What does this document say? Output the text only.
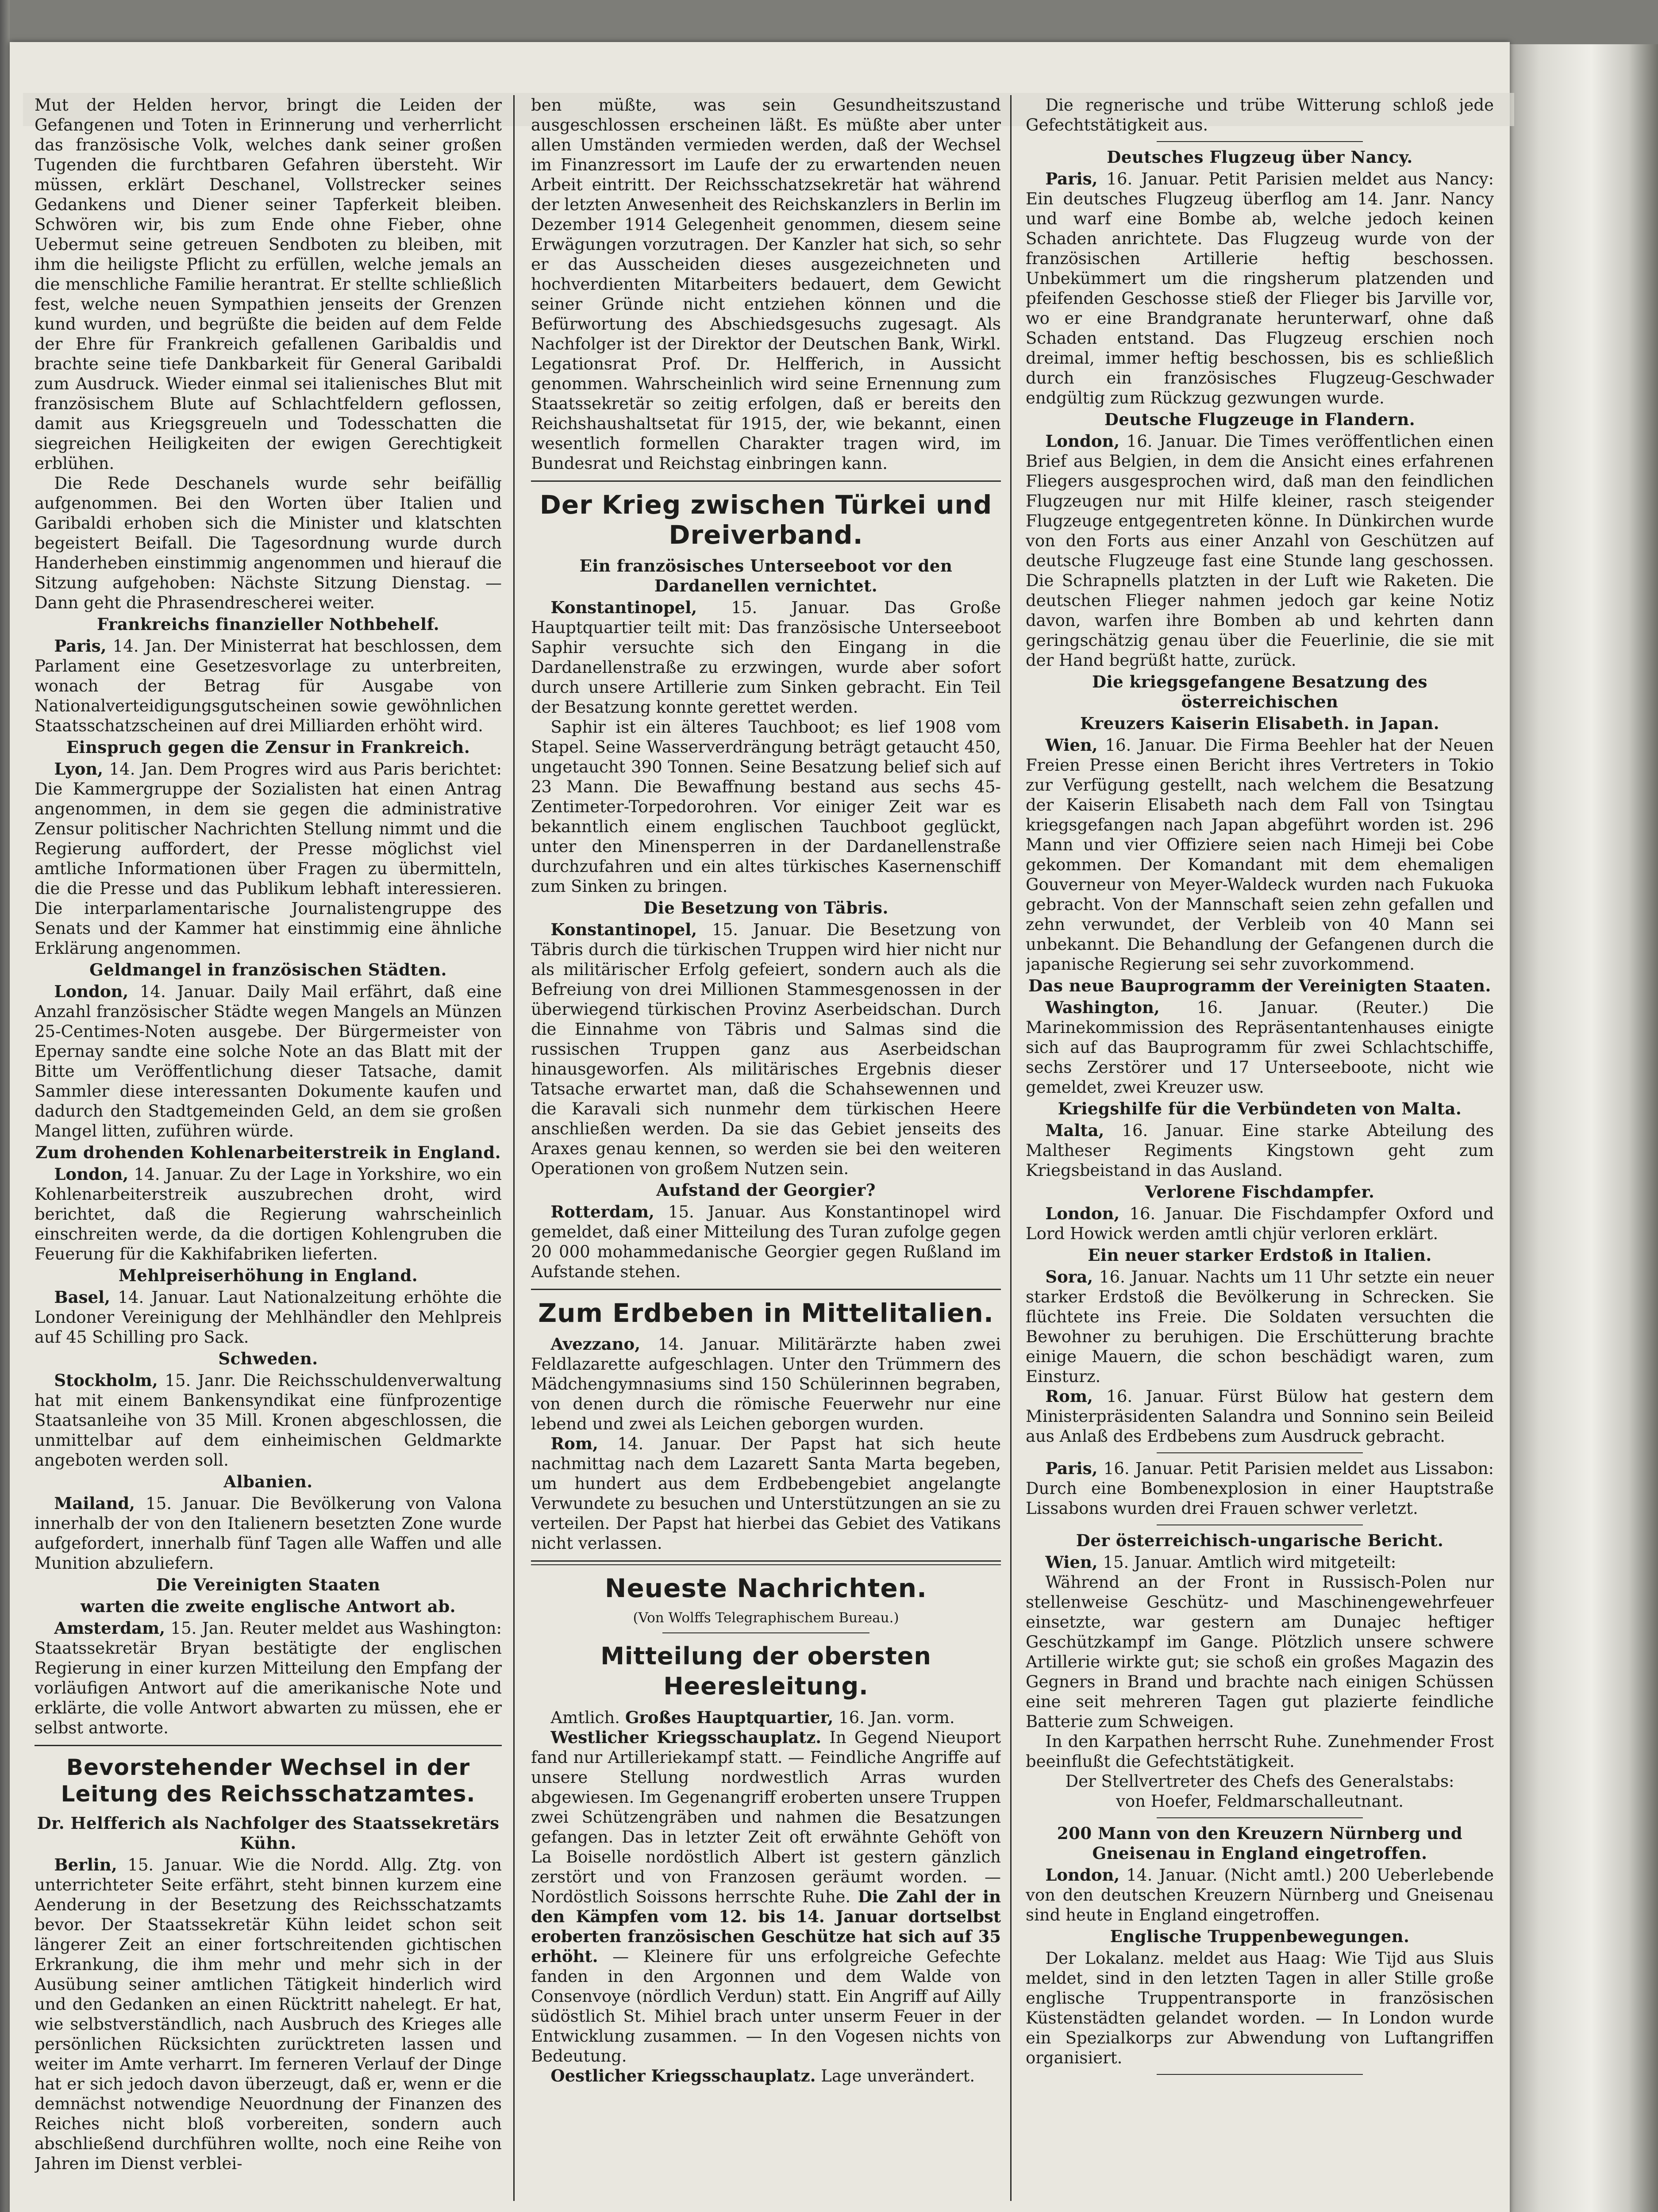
Mut der Helden hervor, bringt die Leiden der Gefangenen und Toten in Erinnerung und verherrlicht das französische Volk, welches dank seiner großen Tugenden die furchtbaren Gefahren übersteht. Wir müssen, erklärt Deschanel, Vollstrecker seines Gedankens und Diener seiner Tapferkeit bleiben. Schwören wir, bis zum Ende ohne Fieber, ohne Uebermut seine getreuen Sendboten zu bleiben, mit ihm die heiligste Pflicht zu erfüllen, welche jemals an die menschliche Familie herantrat. Er stellte schließlich fest, welche neuen Sympathien jenseits der Grenzen kund wurden, und begrüßte die beiden auf dem Felde der Ehre für Frankreich gefallenen Garibaldis und brachte seine tiefe Dankbarkeit für General Garibaldi zum Ausdruck. Wieder einmal sei italienisches Blut mit französischem Blute auf Schlachtfeldern geflossen, damit aus Kriegsgreueln und Todesschatten die siegreichen Heiligkeiten der ewigen Gerechtigkeit erblühen.

Die Rede Deschanels wurde sehr beifällig aufgenommen. Bei den Worten über Italien und Garibaldi erhoben sich die Minister und klatschten begeistert Beifall. Die Tagesordnung wurde durch Handerheben einstimmig angenommen und hierauf die Sitzung aufgehoben: Nächste Sitzung Dienstag. — Dann geht die Phrasendrescherei weiter.

Frankreichs finanzieller Nothbehelf.

Paris, 14. Jan. Der Ministerrat hat beschlossen, dem Parlament eine Gesetzesvorlage zu unterbreiten, wonach der Betrag für Ausgabe von Nationalverteidigungsgutscheinen sowie gewöhnlichen Staatsschatzscheinen auf drei Milliarden erhöht wird.

Einspruch gegen die Zensur in Frankreich.

Lyon, 14. Jan. Dem Progres wird aus Paris berichtet: Die Kammergruppe der Sozialisten hat einen Antrag angenommen, in dem sie gegen die administrative Zensur politischer Nachrichten Stellung nimmt und die Regierung auffordert, der Presse möglichst viel amtliche Informationen über Fragen zu übermitteln, die die Presse und das Publikum lebhaft interessieren. Die interparlamentarische Journalistengruppe des Senats und der Kammer hat einstimmig eine ähnliche Erklärung angenommen.

Geldmangel in französischen Städten.

London, 14. Januar. Daily Mail erfährt, daß eine Anzahl französischer Städte wegen Mangels an Münzen 25-Centimes-Noten ausgebe. Der Bürgermeister von Epernay sandte eine solche Note an das Blatt mit der Bitte um Veröffentlichung dieser Tatsache, damit Sammler diese interessanten Dokumente kaufen und dadurch den Stadtgemeinden Geld, an dem sie großen Mangel litten, zuführen würde.

Zum drohenden Kohlenarbeiterstreik in England.

London, 14. Januar. Zu der Lage in Yorkshire, wo ein Kohlenarbeiterstreik auszubrechen droht, wird berichtet, daß die Regierung wahrscheinlich einschreiten werde, da die dortigen Kohlengruben die Feuerung für die Kakhifabriken lieferten.

Mehlpreiserhöhung in England.

Basel, 14. Januar. Laut Nationalzeitung erhöhte die Londoner Vereinigung der Mehlhändler den Mehlpreis auf 45 Schilling pro Sack.

Schweden.

Stockholm, 15. Janr. Die Reichsschuldenverwaltung hat mit einem Bankensyndikat eine fünfprozentige Staatsanleihe von 35 Mill. Kronen abgeschlossen, die unmittelbar auf dem einheimischen Geldmarkte angeboten werden soll.

Albanien.

Mailand, 15. Januar. Die Bevölkerung von Valona innerhalb der von den Italienern besetzten Zone wurde aufgefordert, innerhalb fünf Tagen alle Waffen und alle Munition abzuliefern.

Die Vereinigten Staaten

warten die zweite englische Antwort ab.

Amsterdam, 15. Jan. Reuter meldet aus Washington: Staatssekretär Bryan bestätigte der englischen Regierung in einer kurzen Mitteilung den Empfang der vorläufigen Antwort auf die amerikanische Note und erklärte, die volle Antwort abwarten zu müssen, ehe er selbst antworte.

Bevorstehender Wechsel in der Leitung des Reichsschatzamtes.

Dr. Helfferich als Nachfolger des Staatssekretärs Kühn.

Berlin, 15. Januar. Wie die Nordd. Allg. Ztg. von unterrichteter Seite erfährt, steht binnen kurzem eine Aenderung in der Besetzung des Reichsschatzamts bevor. Der Staatssekretär Kühn leidet schon seit längerer Zeit an einer fortschreitenden gichtischen Erkrankung, die ihm mehr und mehr sich in der Ausübung seiner amtlichen Tätigkeit hinderlich wird und den Gedanken an einen Rücktritt nahelegt. Er hat, wie selbstverständlich, nach Ausbruch des Krieges alle persönlichen Rücksichten zurücktreten lassen und weiter im Amte verharrt. Im ferneren Verlauf der Dinge hat er sich jedoch davon überzeugt, daß er, wenn er die demnächst notwendige Neuordnung der Finanzen des Reiches nicht bloß vorbereiten, sondern auch abschließend durchführen wollte, noch eine Reihe von Jahren im Dienst verblei-

ben müßte, was sein Gesundheitszustand ausgeschlossen erscheinen läßt. Es müßte aber unter allen Umständen vermieden werden, daß der Wechsel im Finanzressort im Laufe der zu erwartenden neuen Arbeit eintritt. Der Reichsschatzsekretär hat während der letzten Anwesenheit des Reichskanzlers in Berlin im Dezember 1914 Gelegenheit genommen, diesem seine Erwägungen vorzutragen. Der Kanzler hat sich, so sehr er das Ausscheiden dieses ausgezeichneten und hochverdienten Mitarbeiters bedauert, dem Gewicht seiner Gründe nicht entziehen können und die Befürwortung des Abschiedsgesuchs zugesagt. Als Nachfolger ist der Direktor der Deutschen Bank, Wirkl. Legationsrat Prof. Dr. Helfferich, in Aussicht genommen. Wahrscheinlich wird seine Ernennung zum Staatssekretär so zeitig erfolgen, daß er bereits den Reichshaushaltsetat für 1915, der, wie bekannt, einen wesentlich formellen Charakter tragen wird, im Bundesrat und Reichstag einbringen kann.

Der Krieg zwischen Türkei und Dreiverband.

Ein französisches Unterseeboot vor den Dardanellen vernichtet.

Konstantinopel, 15. Januar. Das Große Hauptquartier teilt mit: Das französische Unterseeboot Saphir versuchte sich den Eingang in die Dardanellenstraße zu erzwingen, wurde aber sofort durch unsere Artillerie zum Sinken gebracht. Ein Teil der Besatzung konnte gerettet werden.

Saphir ist ein älteres Tauchboot; es lief 1908 vom Stapel. Seine Wasserverdrängung beträgt getaucht 450, ungetaucht 390 Tonnen. Seine Besatzung belief sich auf 23 Mann. Die Bewaffnung bestand aus sechs 45-Zentimeter-Torpedorohren. Vor einiger Zeit war es bekanntlich einem englischen Tauchboot geglückt, unter den Minensperren in der Dardanellenstraße durchzufahren und ein altes türkisches Kasernenschiff zum Sinken zu bringen.

Die Besetzung von Täbris.

Konstantinopel, 15. Januar. Die Besetzung von Täbris durch die türkischen Truppen wird hier nicht nur als militärischer Erfolg gefeiert, sondern auch als die Befreiung von drei Millionen Stammesgenossen in der überwiegend türkischen Provinz Aserbeidschan. Durch die Einnahme von Täbris und Salmas sind die russischen Truppen ganz aus Aserbeidschan hinausgeworfen. Als militärisches Ergebnis dieser Tatsache erwartet man, daß die Schahsewennen und die Karavali sich nunmehr dem türkischen Heere anschließen werden. Da sie das Gebiet jenseits des Araxes genau kennen, so werden sie bei den weiteren Operationen von großem Nutzen sein.

Aufstand der Georgier?

Rotterdam, 15. Januar. Aus Konstantinopel wird gemeldet, daß einer Mitteilung des Turan zufolge gegen 20 000 mohammedanische Georgier gegen Rußland im Aufstande stehen.

Zum Erdbeben in Mittelitalien.

Avezzano, 14. Januar. Militärärzte haben zwei Feldlazarette aufgeschlagen. Unter den Trümmern des Mädchengymnasiums sind 150 Schülerinnen begraben, von denen durch die römische Feuerwehr nur eine lebend und zwei als Leichen geborgen wurden.

Rom, 14. Januar. Der Papst hat sich heute nachmittag nach dem Lazarett Santa Marta begeben, um hundert aus dem Erdbebengebiet angelangte Verwundete zu besuchen und Unterstützungen an sie zu verteilen. Der Papst hat hierbei das Gebiet des Vatikans nicht verlassen.

Neueste Nachrichten.

(Von Wolffs Telegraphischem Bureau.)

Mitteilung der obersten Heeresleitung.

Amtlich. Großes Hauptquartier, 16. Jan. vorm.

Westlicher Kriegsschauplatz. In Gegend Nieuport fand nur Artilleriekampf statt. — Feindliche Angriffe auf unsere Stellung nordwestlich Arras wurden abgewiesen. Im Gegenangriff eroberten unsere Truppen zwei Schützengräben und nahmen die Besatzungen gefangen. Das in letzter Zeit oft erwähnte Gehöft von La Boiselle nordöstlich Albert ist gestern gänzlich zerstört und von Franzosen geräumt worden. — Nordöstlich Soissons herrschte Ruhe. Die Zahl der in den Kämpfen vom 12. bis 14. Januar dortselbst eroberten französischen Geschütze hat sich auf 35 erhöht. — Kleinere für uns erfolgreiche Gefechte fanden in den Argonnen und dem Walde von Consenvoye (nördlich Verdun) statt. Ein Angriff auf Ailly südöstlich St. Mihiel brach unter unserm Feuer in der Entwicklung zusammen. — In den Vogesen nichts von Bedeutung.

Oestlicher Kriegsschauplatz. Lage unverändert.

Die regnerische und trübe Witterung schloß jede Gefechtstätigkeit aus.

Deutsches Flugzeug über Nancy.

Paris, 16. Januar. Petit Parisien meldet aus Nancy: Ein deutsches Flugzeug überflog am 14. Janr. Nancy und warf eine Bombe ab, welche jedoch keinen Schaden anrichtete. Das Flugzeug wurde von der französischen Artillerie heftig beschossen. Unbekümmert um die ringsherum platzenden und pfeifenden Geschosse stieß der Flieger bis Jarville vor, wo er eine Brandgranate herunterwarf, ohne daß Schaden entstand. Das Flugzeug erschien noch dreimal, immer heftig beschossen, bis es schließlich durch ein französisches Flugzeug-Geschwader endgültig zum Rückzug gezwungen wurde.

Deutsche Flugzeuge in Flandern.

London, 16. Januar. Die Times veröffentlichen einen Brief aus Belgien, in dem die Ansicht eines erfahrenen Fliegers ausgesprochen wird, daß man den feindlichen Flugzeugen nur mit Hilfe kleiner, rasch steigender Flugzeuge entgegentreten könne. In Dünkirchen wurde von den Forts aus einer Anzahl von Geschützen auf deutsche Flugzeuge fast eine Stunde lang geschossen. Die Schrapnells platzten in der Luft wie Raketen. Die deutschen Flieger nahmen jedoch gar keine Notiz davon, warfen ihre Bomben ab und kehrten dann geringschätzig genau über die Feuerlinie, die sie mit der Hand begrüßt hatte, zurück.

Die kriegsgefangene Besatzung des österreichischen

Kreuzers Kaiserin Elisabeth. in Japan.

Wien, 16. Januar. Die Firma Beehler hat der Neuen Freien Presse einen Bericht ihres Vertreters in Tokio zur Verfügung gestellt, nach welchem die Besatzung der Kaiserin Elisabeth nach dem Fall von Tsingtau kriegsgefangen nach Japan abgeführt worden ist. 296 Mann und vier Offiziere seien nach Himeji bei Cobe gekommen. Der Komandant mit dem ehemaligen Gouverneur von Meyer-Waldeck wurden nach Fukuoka gebracht. Von der Mannschaft seien zehn gefallen und zehn verwundet, der Verbleib von 40 Mann sei unbekannt. Die Behandlung der Gefangenen durch die japanische Regierung sei sehr zuvorkommend.

Das neue Bauprogramm der Vereinigten Staaten.

Washington, 16. Januar. (Reuter.) Die Marinekommission des Repräsentantenhauses einigte sich auf das Bauprogramm für zwei Schlachtschiffe, sechs Zerstörer und 17 Unterseeboote, nicht wie gemeldet, zwei Kreuzer usw.

Kriegshilfe für die Verbündeten von Malta.

Malta, 16. Januar. Eine starke Abteilung des Maltheser Regiments Kingstown geht zum Kriegsbeistand in das Ausland.

Verlorene Fischdampfer.

London, 16. Januar. Die Fischdampfer Oxford und Lord Howick werden amtli chjür verloren erklärt.

Ein neuer starker Erdstoß in Italien.

Sora, 16. Januar. Nachts um 11 Uhr setzte ein neuer starker Erdstoß die Bevölkerung in Schrecken. Sie flüchtete ins Freie. Die Soldaten versuchten die Bewohner zu beruhigen. Die Erschütterung brachte einige Mauern, die schon beschädigt waren, zum Einsturz.

Rom, 16. Januar. Fürst Bülow hat gestern dem Ministerpräsidenten Salandra und Sonnino sein Beileid aus Anlaß des Erdbebens zum Ausdruck gebracht.

Paris, 16. Januar. Petit Parisien meldet aus Lissabon: Durch eine Bombenexplosion in einer Hauptstraße Lissabons wurden drei Frauen schwer verletzt.

Der österreichisch-ungarische Bericht.

Wien, 15. Januar. Amtlich wird mitgeteilt:

Während an der Front in Russisch-Polen nur stellenweise Geschütz- und Maschinengewehrfeuer einsetzte, war gestern am Dunajec heftiger Geschützkampf im Gange. Plötzlich unsere schwere Artillerie wirkte gut; sie schoß ein großes Magazin des Gegners in Brand und brachte nach einigen Schüssen eine seit mehreren Tagen gut plazierte feindliche Batterie zum Schweigen.

In den Karpathen herrscht Ruhe. Zunehmender Frost beeinflußt die Gefechtstätigkeit.

Der Stellvertreter des Chefs des Generalstabs:

von Hoefer, Feldmarschalleutnant.

200 Mann von den Kreuzern Nürnberg und Gneisenau in England eingetroffen.

London, 14. Januar. (Nicht amtl.) 200 Ueberlebende von den deutschen Kreuzern Nürnberg und Gneisenau sind heute in England eingetroffen.

Englische Truppenbewegungen.

Der Lokalanz. meldet aus Haag: Wie Tijd aus Sluis meldet, sind in den letzten Tagen in aller Stille große englische Truppentransporte in französischen Küstenstädten gelandet worden. — In London wurde ein Spezialkorps zur Abwendung von Luftangriffen organisiert.
